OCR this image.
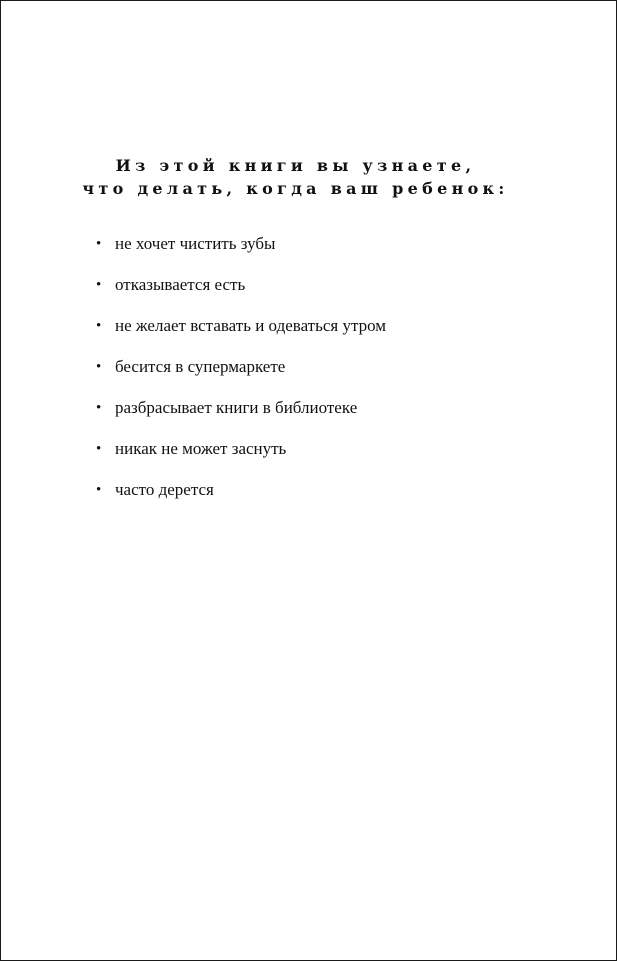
Из этой книги вы узнаете,
что делать, когда ваш ребенок:
• не хочет чистить зубы
• отказывается есть
• не желает вставать и одеваться утром
• бесится в супермаркете
• разбрасывает книги в библиотеке
• никак не может заснуть
• часто дерется
